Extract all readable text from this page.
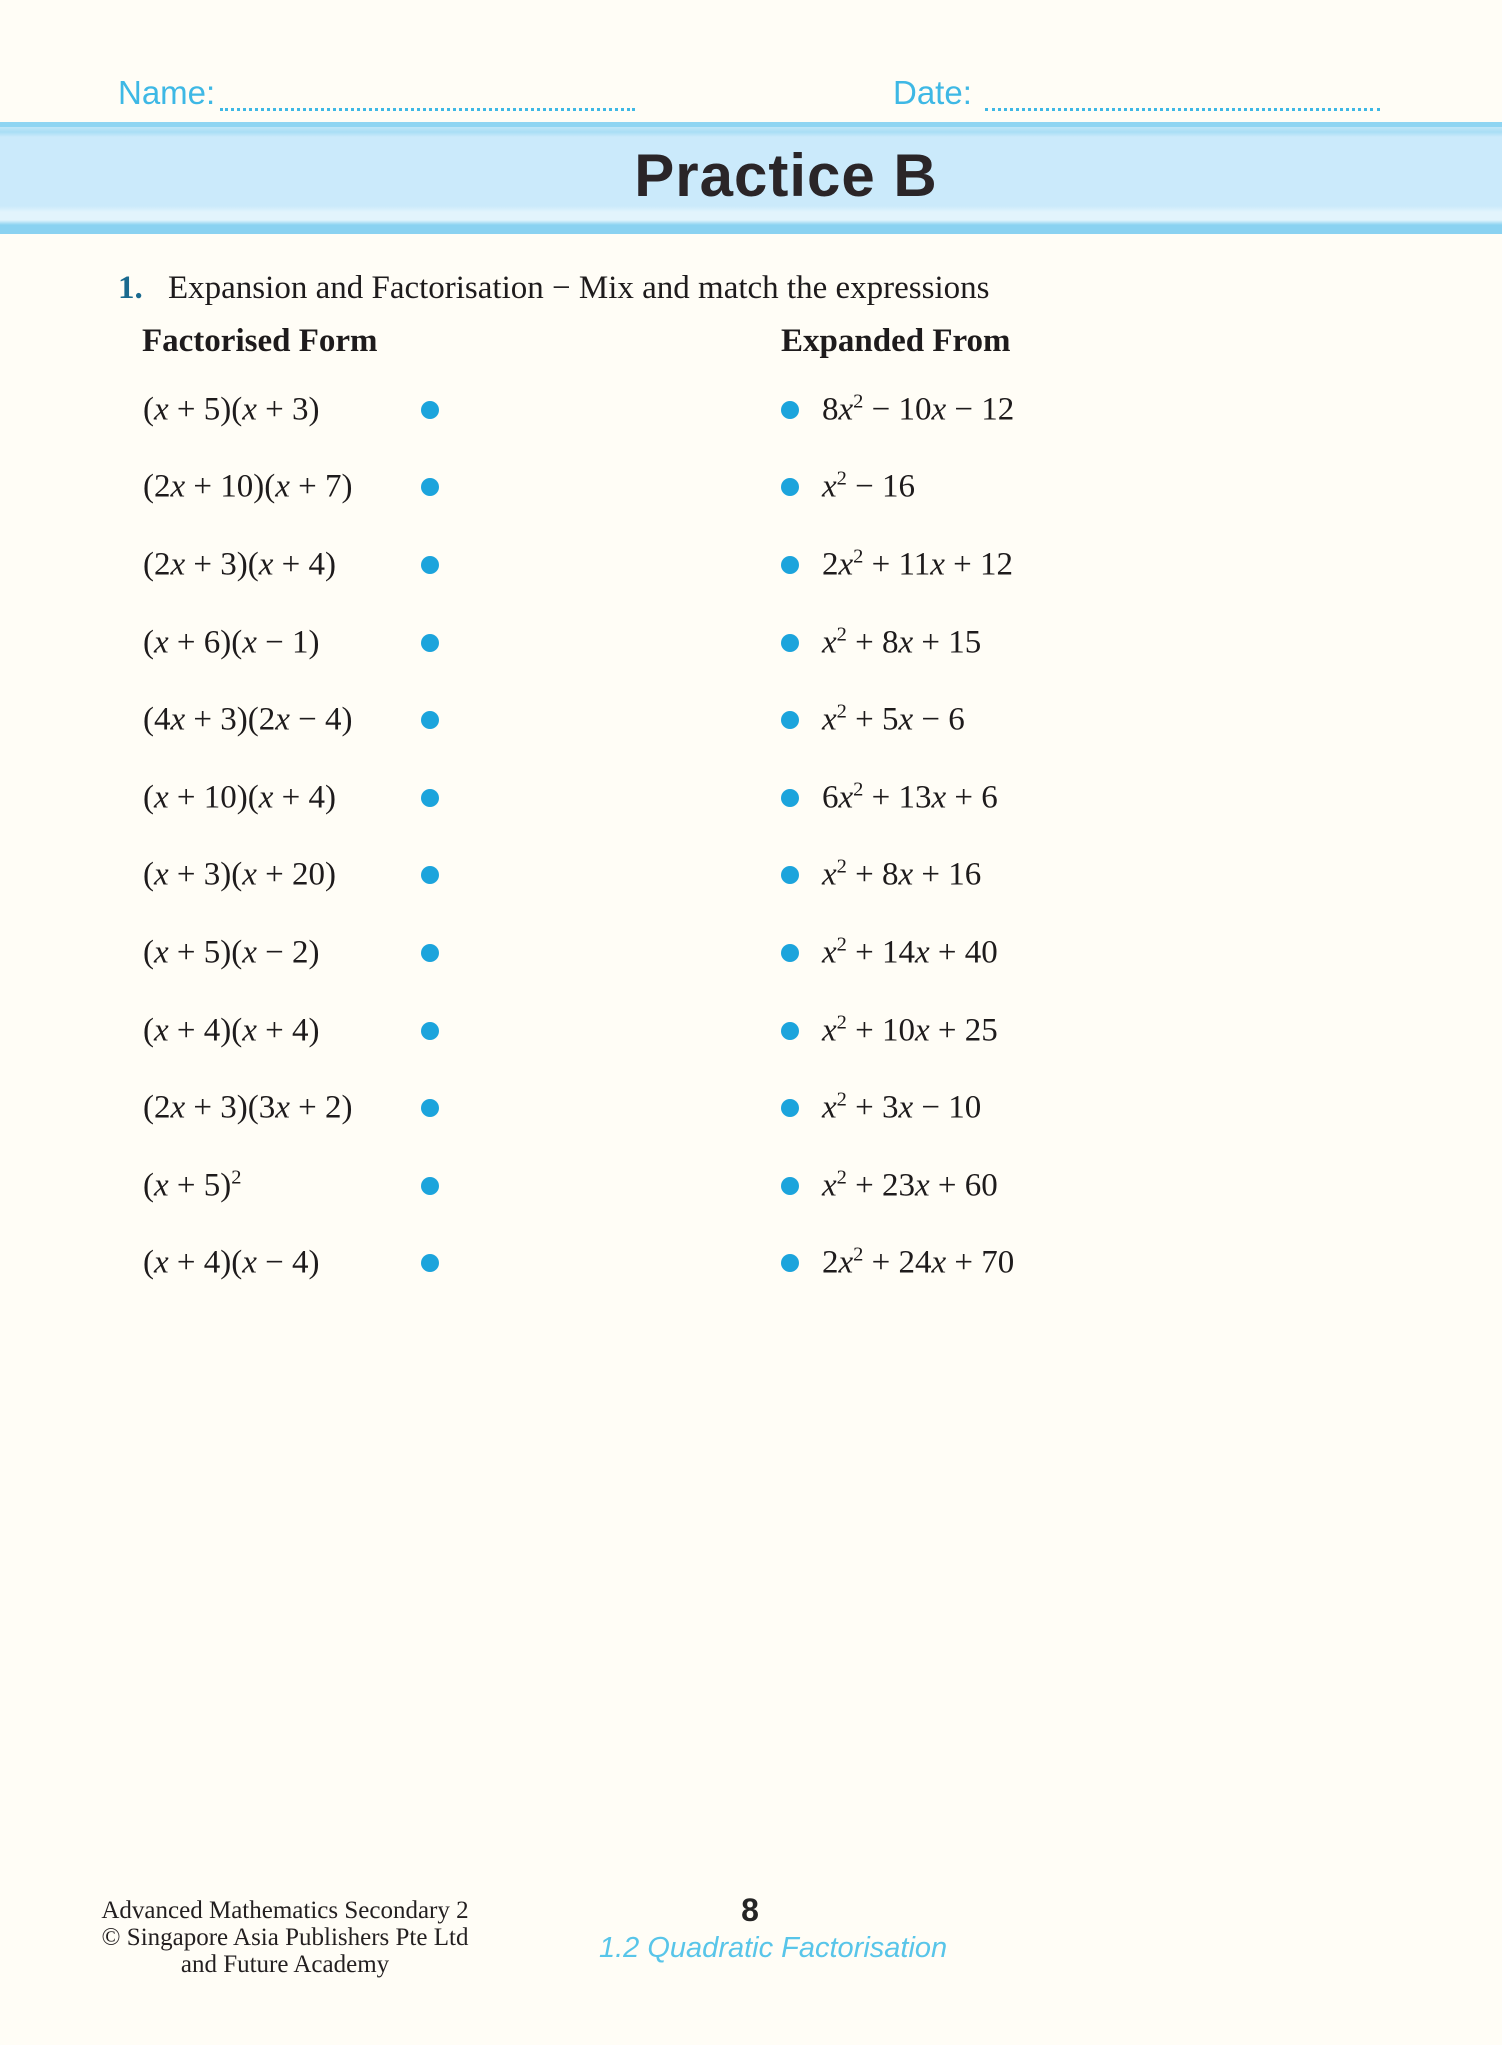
Name:	Date:
Practice B
1. Expansion and Factorisation − Mix and match the expressions
Factorised Form	Expanded From
(x + 5)(x + 3)	$8x^2 - 10x - 12$
(2x + 10)(x + 7)	$x^2 - 16$
(2x + 3)(x + 4)	$2x^2 + 11x + 12$
(x + 6)(x − 1)	$x^2 + 8x + 15$
(4x + 3)(2x − 4)	$x^2 + 5x - 6$
(x + 10)(x + 4)	$6x^2 + 13x + 6$
(x + 3)(x + 20)	$x^2 + 8x + 16$
(x + 5)(x − 2)	$x^2 + 14x + 40$
(x + 4)(x + 4)	$x^2 + 10x + 25$
(2x + 3)(3x + 2)	$x^2 + 3x - 10$
$(x + 5)^2$	$x^2 + 23x + 60$
(x + 4)(x − 4)	$2x^2 + 24x + 70$
Advanced Mathematics Secondary 2
© Singapore Asia Publishers Pte Ltd
and Future Academy
8
1.2 Quadratic Factorisation
